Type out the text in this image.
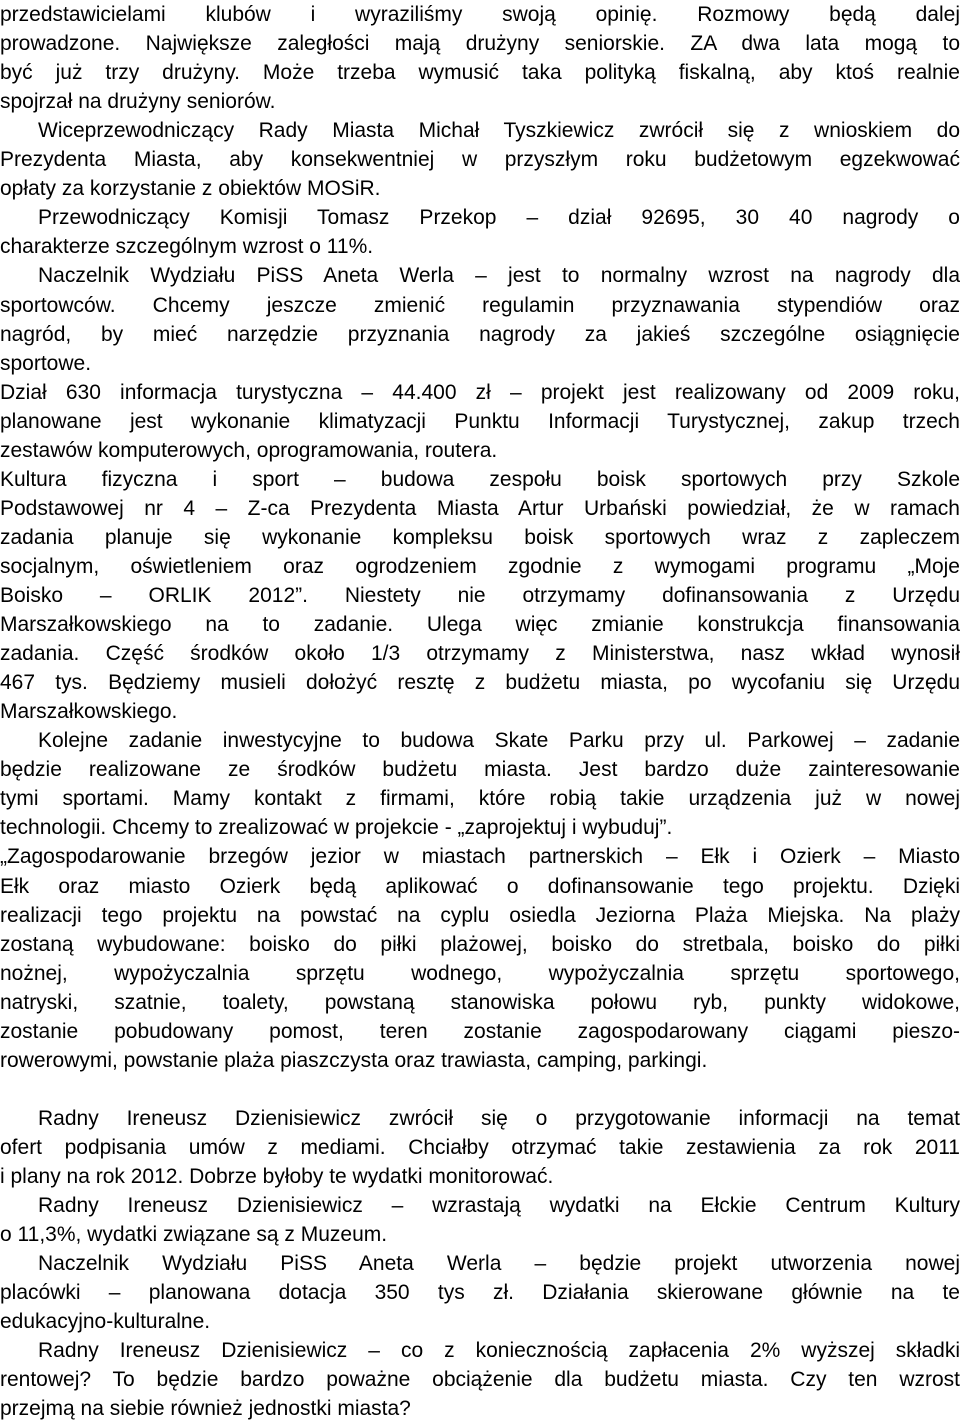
przedstawicielami klubów i wyraziliśmy swoją opinię. Rozmowy będą dalej
prowadzone. Największe zaległości mają drużyny seniorskie. ZA dwa lata mogą to
być już trzy drużyny. Może trzeba wymusić taka polityką fiskalną, aby ktoś realnie
spojrzał na drużyny seniorów.
Wiceprzewodniczący Rady Miasta Michał Tyszkiewicz zwrócił się z wnioskiem do
Prezydenta Miasta, aby konsekwentniej w przyszłym roku budżetowym egzekwować
opłaty za korzystanie z obiektów MOSiR.
Przewodniczący Komisji Tomasz Przekop – dział 92695, 30 40 nagrody o
charakterze szczególnym wzrost o 11%.
Naczelnik Wydziału PiSS Aneta Werla – jest to normalny wzrost na nagrody dla
sportowców. Chcemy jeszcze zmienić regulamin przyznawania stypendiów oraz
nagród, by mieć narzędzie przyznania nagrody za jakieś szczególne osiągnięcie
sportowe.
Dział 630 informacja turystyczna – 44.400 zł – projekt jest realizowany od 2009 roku,
planowane jest wykonanie klimatyzacji Punktu Informacji Turystycznej, zakup trzech
zestawów komputerowych, oprogramowania, routera.
Kultura fizyczna i sport – budowa zespołu boisk sportowych przy Szkole
Podstawowej nr 4 – Z-ca Prezydenta Miasta Artur Urbański powiedział, że w ramach
zadania planuje się wykonanie kompleksu boisk sportowych wraz z zapleczem
socjalnym, oświetleniem oraz ogrodzeniem zgodnie z wymogami programu „Moje
Boisko – ORLIK 2012”. Niestety nie otrzymamy dofinansowania z Urzędu
Marszałkowskiego na to zadanie. Ulega więc zmianie konstrukcja finansowania
zadania. Część środków około 1/3 otrzymamy z Ministerstwa, nasz wkład wynosił
467 tys. Będziemy musieli dołożyć resztę z budżetu miasta, po wycofaniu się Urzędu
Marszałkowskiego.
Kolejne zadanie inwestycyjne to budowa Skate Parku przy ul. Parkowej – zadanie
będzie realizowane ze środków budżetu miasta. Jest bardzo duże zainteresowanie
tymi sportami. Mamy kontakt z firmami, które robią takie urządzenia już w nowej
technologii. Chcemy to zrealizować w projekcie - „zaprojektuj i wybuduj”.
„Zagospodarowanie brzegów jezior w miastach partnerskich – Ełk i Ozierk – Miasto
Ełk oraz miasto Ozierk będą aplikować o dofinansowanie tego projektu. Dzięki
realizacji tego projektu na powstać na cyplu osiedla Jeziorna Plaża Miejska. Na plaży
zostaną wybudowane: boisko do piłki plażowej, boisko do stretbala, boisko do piłki
nożnej, wypożyczalnia sprzętu wodnego, wypożyczalnia sprzętu sportowego,
natryski, szatnie, toalety, powstaną stanowiska połowu ryb, punkty widokowe,
zostanie pobudowany pomost, teren zostanie zagospodarowany ciągami pieszo-
rowerowymi, powstanie plaża piaszczysta oraz trawiasta, camping, parkingi.
Radny Ireneusz Dzienisiewicz zwrócił się o przygotowanie informacji na temat
ofert podpisania umów z mediami. Chciałby otrzymać takie zestawienia za rok 2011
i plany na rok 2012. Dobrze byłoby te wydatki monitorować.
Radny Ireneusz Dzienisiewicz – wzrastają wydatki na Ełckie Centrum Kultury
o 11,3%, wydatki związane są z Muzeum.
Naczelnik Wydziału PiSS Aneta Werla – będzie projekt utworzenia nowej
placówki – planowana dotacja 350 tys zł. Działania skierowane głównie na te
edukacyjno-kulturalne.
Radny Ireneusz Dzienisiewicz – co z koniecznością zapłacenia 2% wyższej składki
rentowej? To będzie bardzo poważne obciążenie dla budżetu miasta. Czy ten wzrost
przejmą na siebie również jednostki miasta?
